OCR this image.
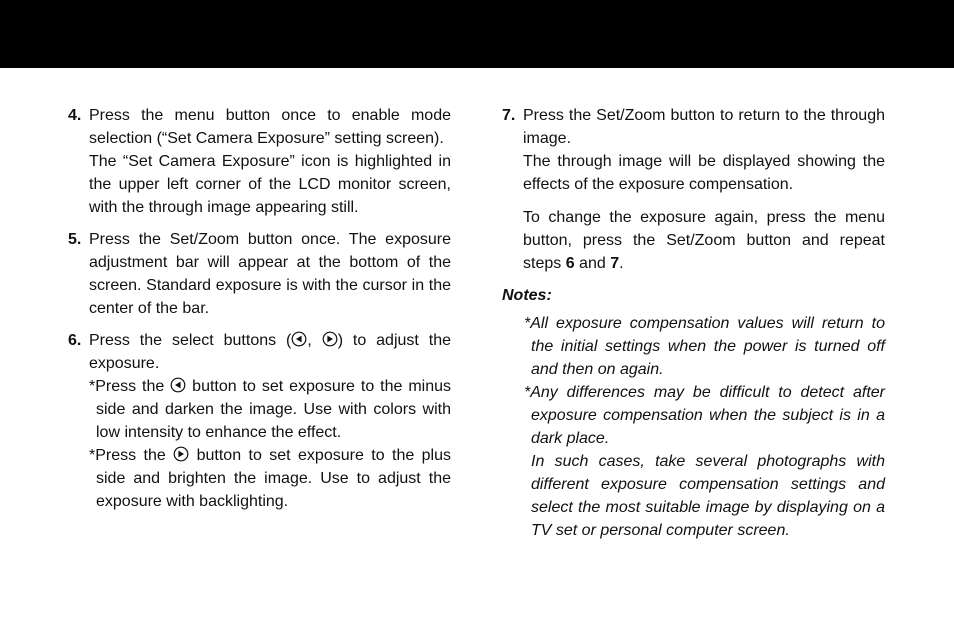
4. Press the menu button once to enable mode selection (“Set Camera Exposure” setting screen).

The “Set Camera Exposure” icon is highlighted in the upper left corner of the LCD monitor screen, with the through image appearing still.

5. Press the Set/Zoom button once. The exposure adjustment bar will appear at the bottom of the screen. Standard exposure is with the cursor in the center of the bar.

6. Press the select buttons ( ,
) to adjust the exposure.

*Press the
button to set exposure to the minus side and darken the image. Use with colors with low intensity to enhance the effect.

*Press the
button to set exposure to the plus side and brighten the image. Use to adjust the exposure with backlighting.

7. Press the Set/Zoom button to return to the through image.

The through image will be displayed showing the effects of the exposure compensation.

To change the exposure again, press the menu button, press the Set/Zoom button and repeat steps 6 and 7.

Notes:

*All exposure compensation values will return to the initial settings when the power is turned off and then on again.

*Any differences may be difficult to detect after exposure compensation when the subject is in a dark place.

In such cases, take several photographs with different exposure compensation settings and select the most suitable image by displaying on a TV set or personal computer screen.
